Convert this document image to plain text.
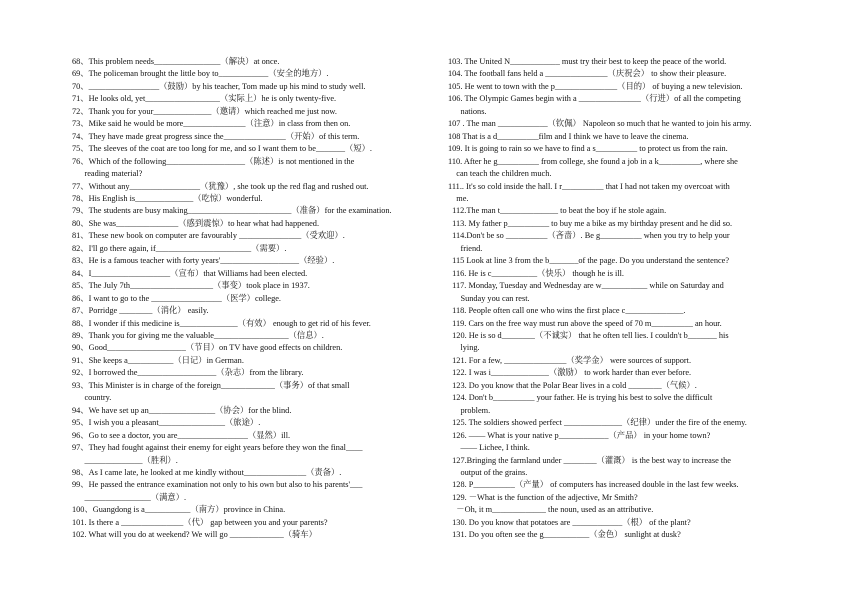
68、This problem needs________________（解决）at once.
69、The policeman brought the little boy to____________（安全的地方）.
70、_________________（鼓励）by his teacher, Tom made up his mind to study well.
71、He looks old, yet__________________（实际上）he is only twenty-five.
72、Thank you for your______________（邀请）which reached me just now.
73、Mike said he would be more_______________（注意）in class from then on.
74、They have made great progress since the_______________（开始）of this term.
75、The sleeves of the coat are too long for me, and so I want them to be_______（短）.
76、Which of the following___________________（陈述）is not mentioned in the
reading material?
77、Without any_________________（犹豫）, she took up the red flag and rushed out.
78、His English is______________（吃惊）wonderful.
79、The students are busy making_________________________（准备）for the examination.
80、She was_______________（感到震惊）to hear what had happened.
81、These new book on computer are favourably _______________（受欢迎）.
82、I'll go there again, if_______________________（需要）.
83、He is a famous teacher with forty years'___________________（经验）.
84、I___________________（宣布）that Williams had been elected.
85、The July 7th____________________（事变）took place in 1937.
86、I want to go to the _________________（医学）college.
87、Porridge ________（消化） easily.
88、I wonder if this medicine is______________（有效） enough to get rid of his fever.
89、Thank you for giving me the valuable__________________（信息）.
90、Good___________________（节目）on TV have good effects on children.
91、She keeps a___________（日记）in German.
92、I borrowed the___________________（杂志）from the library.
93、This Minister is in charge of the foreign_____________（事务）of that small
country.
94、We have set up an________________（协会）for the blind.
95、I wish you a pleasant________________（旅途）.
96、Go to see a doctor, you are_________________（显然）ill.
97、They had fought against their enemy for eight years before they won the final____
______________（胜利）.
98、As I came late, he looked at me kindly without_______________（责备）.
99、He passed the entrance examination not only to his own but also to his parents'___
________________（满意）.
100、Guangdong is a___________（南方）province in China.
101. Is there a _______________（代） gap between you and your parents?
102. What will you do at weekend? We will go _____________（骑车）
103. The United N____________ must try their best to keep the peace of the world.
104. The football fans held a _______________（庆祝会） to show their pleasure.
105. He went to town with the p_______________（目的） of buying a new television.
106. The Olympic Games begin with a _______________（行进）of all the competing
nations.
107 . The man ____________（钦佩） Napoleon so much that he wanted to join his army.
108 That is a d__________film and I think we have to leave the cinema.
109. It is going to rain so we have to find a s__________ to protect us from the rain.
110. After he g__________ from college, she found a job in a k__________, where she
can teach the children much.
111.. It's so cold inside the hall. I r__________ that I had not taken my overcoat with
me.
112.The man t______________ to beat the boy if he stole again.
113. My father p__________ to buy me a bike as my birthday present and he did so.
114.Don't be so __________（吝啬）. Be g__________ when you try to help your
friend.
115 Look at line 3 from the b_______of the page. Do you understand the sentence?
116. He is c___________（快乐） though he is ill.
117. Monday, Tuesday and Wednesday are w___________ while on Saturday and
Sunday you can rest.
118. People often call one who wins the first place c______________.
119. Cars on the free way must run above the speed of 70 m__________ an hour.
120. He is so d________（不诚实） that he often tell lies. I couldn't b_______ his
lying.
121. For a few, _______________（奖学金） were sources of support.
122. I was i______________（激励） to work harder than ever before.
123. Do you know that the Polar Bear lives in a cold ________（气候）.
124. Don't b__________ your father. He is trying his best to solve the difficult
problem.
125. The soldiers showed perfect ______________（纪律）under the fire of the enemy.
126. —— What is your native p____________（产品） in your home town?
—— Lichee, I think.
127.Bringing the farmland under ________（灌溉） is the best way to increase the
output of the grains.
128. P__________（产量） of computers has increased double in the last few weeks.
129. －What is the function of the adjective, Mr Smith?
－Oh, it m_____________ the noun, used as an attributive.
130. Do you know that potatoes are ____________（根） of the plant?
131. Do you often see the g___________（金色） sunlight at dusk?
